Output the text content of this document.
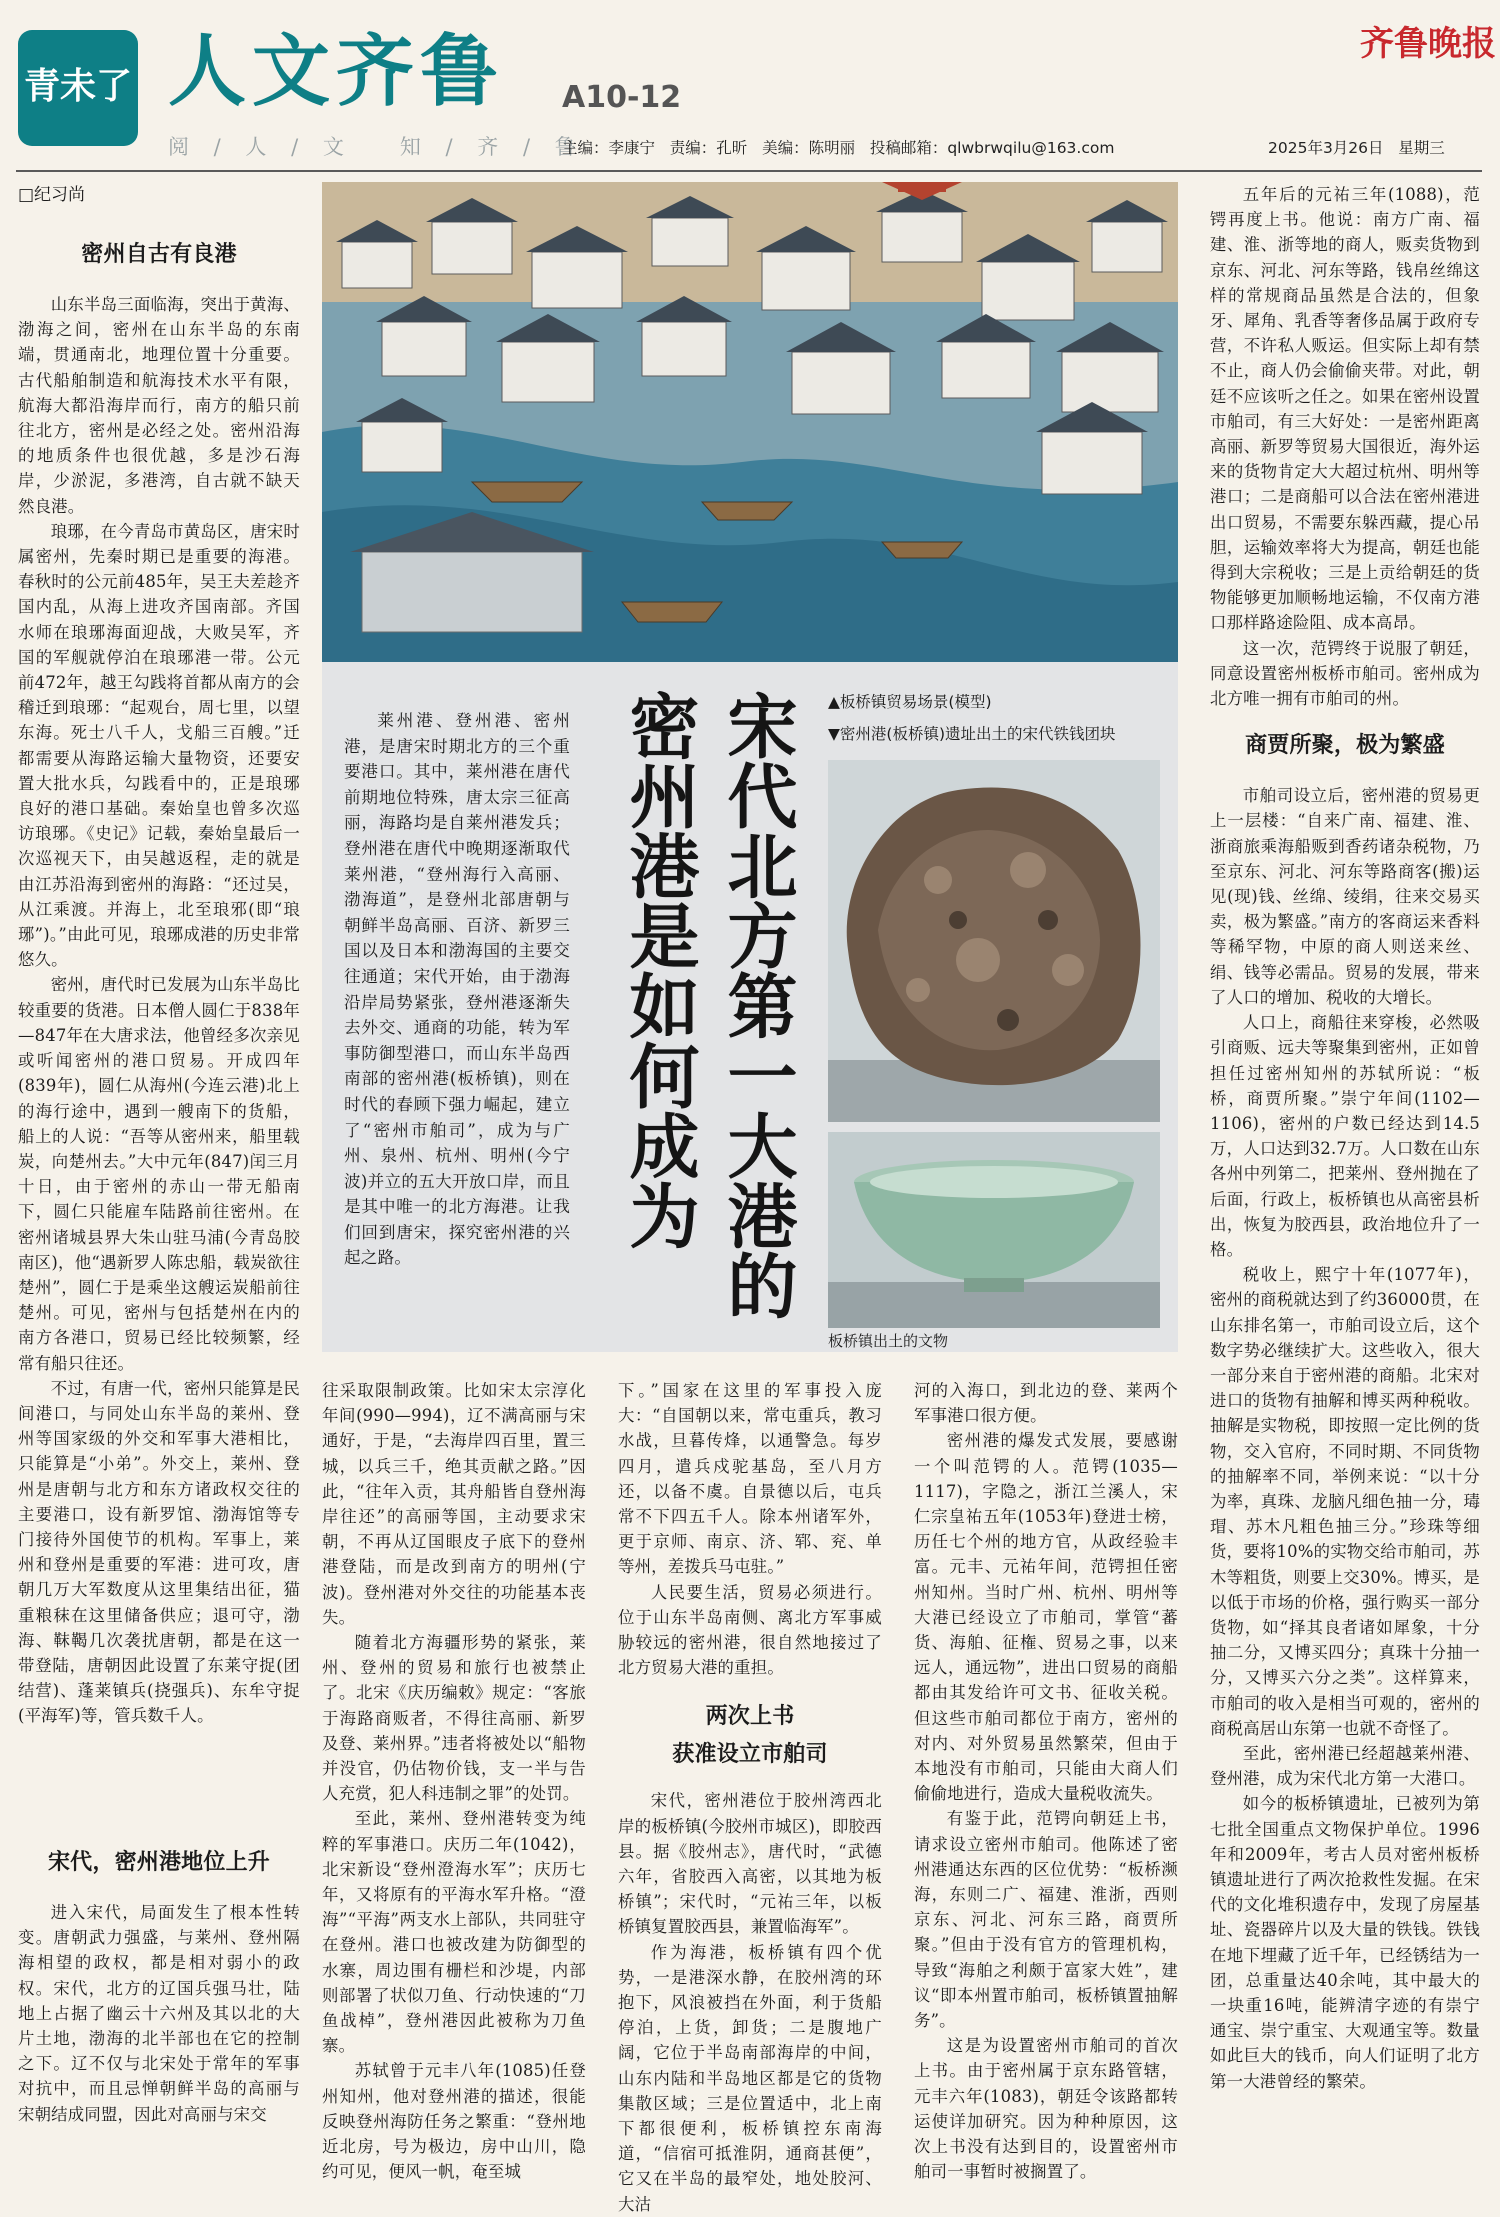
青未了 人文齐鲁 A10-12
阅 / 人 / 文   知 / 齐 / 鲁
主编：李康宁   责编：孔昕   美编：陈明丽   投稿邮箱：qlwbrwqilu@163.com	2025年3月26日   星期三
齐鲁晚报
□纪习尚
密州自古有良港

山东半岛三面临海，突出于黄海、渤海之间，密州在山东半岛的东南端，贯通南北，地理位置十分重要。古代船舶制造和航海技术水平有限，航海大都沿海岸而行，南方的船只前往北方，密州是必经之处。密州沿海的地质条件也很优越，多是沙石海岸，少淤泥，多港湾，自古就不缺天然良港。

琅琊，在今青岛市黄岛区，唐宋时属密州，先秦时期已是重要的海港。春秋时的公元前485年，吴王夫差趁齐国内乱，从海上进攻齐国南部。齐国水师在琅琊海面迎战，大败吴军，齐国的军舰就停泊在琅琊港一带。公元前472年，越王勾践将首都从南方的会稽迁到琅琊：“起观台，周七里，以望东海。死士八千人，戈船三百艘。”迁都需要从海路运输大量物资，还要安置大批水兵，勾践看中的，正是琅琊良好的港口基础。秦始皇也曾多次巡访琅琊。《史记》记载，秦始皇最后一次巡视天下，由吴越返程，走的就是由江苏沿海到密州的海路：“还过吴，从江乘渡。并海上，北至琅邪(即“琅琊”)。”由此可见，琅琊成港的历史非常悠久。

密州，唐代时已发展为山东半岛比较重要的货港。日本僧人圆仁于838年—847年在大唐求法，他曾经多次亲见或听闻密州的港口贸易。开成四年(839年)，圆仁从海州(今连云港)北上的海行途中，遇到一艘南下的货船，船上的人说：“吾等从密州来，船里载炭，向楚州去。”大中元年(847)闰三月十日，由于密州的赤山一带无船南下，圆仁只能雇车陆路前往密州。在密州诸城县界大朱山驻马浦(今青岛胶南区)，他“遇新罗人陈忠船，载炭欲往楚州”，圆仁于是乘坐这艘运炭船前往楚州。可见，密州与包括楚州在内的南方各港口，贸易已经比较频繁，经常有船只往还。

不过，有唐一代，密州只能算是民间港口，与同处山东半岛的莱州、登州等国家级的外交和军事大港相比，只能算是“小弟”。外交上，莱州、登州是唐朝与北方和东方诸政权交往的主要港口，设有新罗馆、渤海馆等专门接待外国使节的机构。军事上，莱州和登州是重要的军港：进可攻，唐朝几万大军数度从这里集结出征，猫重粮秣在这里储备供应；退可守，渤海、靺鞨几次袭扰唐朝，都是在这一带登陆，唐朝因此设置了东莱守捉(团结营)、蓬莱镇兵(挠强兵)、东牟守捉(平海军)等，管兵数千人。

宋代，密州港地位上升

进入宋代，局面发生了根本性转变。唐朝武力强盛，与莱州、登州隔海相望的政权，都是相对弱小的政权。宋代，北方的辽国兵强马壮，陆地上占据了幽云十六州及其以北的大片土地，渤海的北半部也在它的控制之下。辽不仅与北宋处于常年的军事对抗中，而且忌惮朝鲜半岛的高丽与宋朝结成同盟，因此对高丽与宋交

莱州港、登州港、密州港，是唐宋时期北方的三个重要港口。其中，莱州港在唐代前期地位特殊，唐太宗三征高丽，海路均是自莱州港发兵；登州港在唐代中晚期逐渐取代莱州港，“登州海行入高丽、渤海道”，是登州北部唐朝与朝鲜半岛高丽、百济、新罗三国以及日本和渤海国的主要交往通道；宋代开始，由于渤海沿岸局势紧张，登州港逐渐失去外交、通商的功能，转为军事防御型港口，而山东半岛西南部的密州港(板桥镇)，则在时代的春顾下强力崛起，建立了“密州市舶司”，成为与广州、泉州、杭州、明州(今宁波)并立的五大开放口岸，而且是其中唯一的北方海港。让我们回到唐宋，探究密州港的兴起之路。	宋代北方第一大港的
密州港是如何成为	▲板桥镇贸易场景(模型)
▼密州港(板桥镇)遗址出土的宋代铁钱团块
板桥镇出土的文物

往采取限制政策。比如宋太宗淳化年间(990—994)，辽不满高丽与宋通好，于是，“去海岸四百里，置三城，以兵三千，绝其贡献之路。”因此，“往年入贡，其舟船皆自登州海岸往还”的高丽等国，主动要求宋朝，不再从辽国眼皮子底下的登州港登陆，而是改到南方的明州(宁波)。登州港对外交往的功能基本丧失。

随着北方海疆形势的紧张，莱州、登州的贸易和旅行也被禁止了。北宋《庆历编敕》规定：“客旅于海路商贩者，不得往高丽、新罗及登、莱州界。”违者将被处以“船物并没官，仍估物价钱，支一半与告人充赏，犯人科违制之罪”的处罚。

至此，莱州、登州港转变为纯粹的军事港口。庆历二年(1042)，北宋新设“登州澄海水军”；庆历七年，又将原有的平海水军升格。“澄海”“平海”两支水上部队，共同驻守在登州。港口也被改建为防御型的水寨，周边围有栅栏和沙堤，内部则部署了状似刀鱼、行动快速的“刀鱼战棹”，登州港因此被称为刀鱼寨。

苏轼曾于元丰八年(1085)任登州知州，他对登州港的描述，很能反映登州海防任务之繁重：“登州地近北房，号为极边，房中山川，隐约可见，便风一帆，奄至城

下。”国家在这里的军事投入庞大：“自国朝以来，常屯重兵，教习水战，旦暮传烽，以通警急。每岁四月，遣兵戍驼基岛，至八月方还，以备不虞。自景德以后，屯兵常不下四五千人。除本州诸军外，更于京师、南京、济、郓、兖、单等州，差拨兵马屯驻。”

人民要生活，贸易必须进行。位于山东半岛南侧、离北方军事威胁较远的密州港，很自然地接过了北方贸易大港的重担。

两次上书
获准设立市舶司

宋代，密州港位于胶州湾西北岸的板桥镇(今胶州市城区)，即胶西县。据《胶州志》，唐代时，“武德六年，省胶西入高密，以其地为板桥镇”；宋代时，“元祐三年，以板桥镇复置胶西县，兼置临海军”。

作为海港，板桥镇有四个优势，一是港深水静，在胶州湾的环抱下，风浪被挡在外面，利于货船停泊，上货，卸货；二是腹地广阔，它位于半岛南部海岸的中间，山东内陆和半岛地区都是它的货物集散区域；三是位置适中，北上南下都很便利，板桥镇控东南海道，“信宿可抵淮阴，通商甚便”，它又在半岛的最窄处，地处胶河、大沽

河的入海口，到北边的登、莱两个军事港口很方便。

密州港的爆发式发展，要感谢一个叫范锷的人。范锷(1035—1117)，字隐之，浙江兰溪人，宋仁宗皇祐五年(1053年)登进士榜，历任七个州的地方官，从政经验丰富。元丰、元祐年间，范锷担任密州知州。当时广州、杭州、明州等大港已经设立了市舶司，掌管“蕃货、海舶、征権、贸易之事，以来远人，通远物”，进出口贸易的商船都由其发给许可文书、征收关税。但这些市舶司都位于南方，密州的对内、对外贸易虽然繁荣，但由于本地没有市舶司，只能由大商人们偷偷地进行，造成大量税收流失。

有鉴于此，范锷向朝廷上书，请求设立密州市舶司。他陈述了密州港通达东西的区位优势：“板桥濒海，东则二广、福建、淮浙，西则京东、河北、河东三路，商贾所聚。”但由于没有官方的管理机构，导致“海舶之利颇于富家大姓”，建议“即本州置市舶司，板桥镇置抽解务”。

这是为设置密州市舶司的首次上书。由于密州属于京东路管辖，元丰六年(1083)，朝廷令该路都转运使详加研究。因为种种原因，这次上书没有达到目的，设置密州市舶司一事暂时被搁置了。

五年后的元祐三年(1088)，范锷再度上书。他说：南方广南、福建、淮、浙等地的商人，贩卖货物到京东、河北、河东等路，钱帛丝绵这样的常规商品虽然是合法的，但象牙、犀角、乳香等奢侈品属于政府专营，不许私人贩运。但实际上却有禁不止，商人仍会偷偷夹带。对此，朝廷不应该听之任之。如果在密州设置市舶司，有三大好处：一是密州距离高丽、新罗等贸易大国很近，海外运来的货物肯定大大超过杭州、明州等港口；二是商船可以合法在密州港进出口贸易，不需要东躲西藏，提心吊胆，运输效率将大为提高，朝廷也能得到大宗税收；三是上贡给朝廷的货物能够更加顺畅地运输，不仅南方港口那样路途险阻、成本高昂。

这一次，范锷终于说服了朝廷，同意设置密州板桥市舶司。密州成为北方唯一拥有市舶司的州。

商贾所聚，极为繁盛

市舶司设立后，密州港的贸易更上一层楼：“自来广南、福建、淮、浙商旅乘海船贩到香药诸杂税物，乃至京东、河北、河东等路商客(搬)运见(现)钱、丝绵、绫绢，往来交易买卖，极为繁盛。”南方的客商运来香料等稀罕物，中原的商人则送来丝、绢、钱等必需品。贸易的发展，带来了人口的增加、税收的大增长。

人口上，商船往来穿梭，必然吸引商贩、远夫等聚集到密州，正如曾担任过密州知州的苏轼所说：“板桥，商贾所聚。”崇宁年间(1102—1106)，密州的户数已经达到14.5万，人口达到32.7万。人口数在山东各州中列第二，把莱州、登州抛在了后面，行政上，板桥镇也从高密县析出，恢复为胶西县，政治地位升了一格。

税收上，熙宁十年(1077年)，密州的商税就达到了约36000贯，在山东排名第一，市舶司设立后，这个数字势必继续扩大。这些收入，很大一部分来自于密州港的商船。北宋对进口的货物有抽解和博买两种税收。抽解是实物税，即按照一定比例的货物，交入官府，不同时期、不同货物的抽解率不同，举例来说：“以十分为率，真珠、龙脑凡细色抽一分，瑇瑁、苏木凡粗色抽三分。”珍珠等细货，要将10%的实物交给市舶司，苏木等粗货，则要上交30%。博买，是以低于市场的价格，强行购买一部分货物，如“择其良者诸如犀象，十分抽二分，又博买四分；真珠十分抽一分，又博买六分之类”。这样算来，市舶司的收入是相当可观的，密州的商税高居山东第一也就不奇怪了。

至此，密州港已经超越莱州港、登州港，成为宋代北方第一大港口。

如今的板桥镇遗址，已被列为第七批全国重点文物保护单位。1996年和2009年，考古人员对密州板桥镇遗址进行了两次抢救性发掘。在宋代的文化堆积遗存中，发现了房屋基址、瓷器碎片以及大量的铁钱。铁钱在地下埋藏了近千年，已经锈结为一团，总重量达40余吨，其中最大的一块重16吨，能辨清字迹的有崇宁通宝、崇宁重宝、大观通宝等。数量如此巨大的钱币，向人们证明了北方第一大港曾经的繁荣。
